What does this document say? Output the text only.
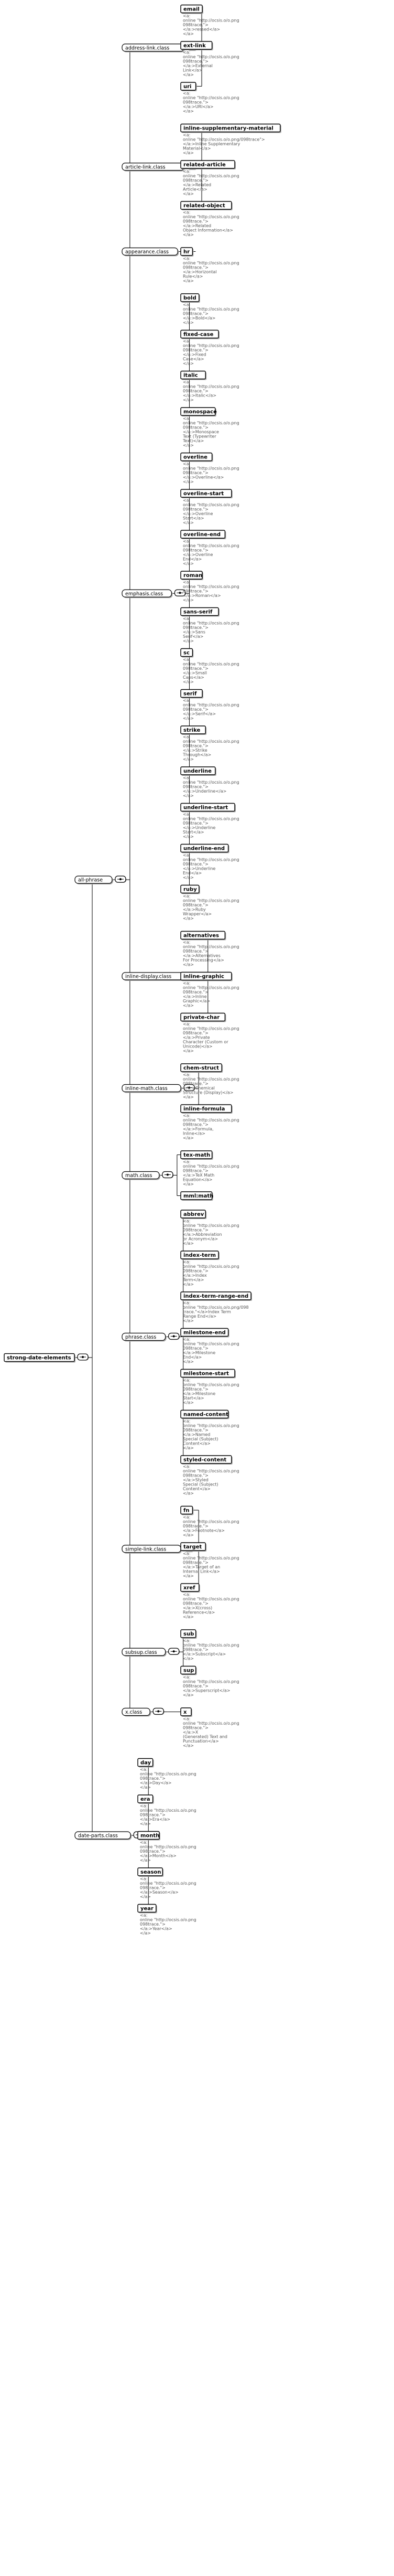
strong-date-elements
all-phrase
address-link.class
email
<a:
online "http://ocsis.o/o.png
098trace.">
</a:>ressed</a>
</a>
ext-link
<a:
online "http://ocsis.o/o.png
098trace.">
</a:>External
Link</a>
</a>
uri
<a:
online "http://ocsis.o/o.png
098trace.">
</a:>URI</a>
</a>
article-link.class
inline-supplementary-material
<a:
online "http://ocsis.o/o.png/098trace">
</a:>Inline Supplementary
Material</a>
</a>
related-article
<a:
online "http://ocsis.o/o.png
098trace.">
</a:>Related
Article</a>
</a>
related-object
<a:
online "http://ocsis.o/o.png
098trace.">
</a:>Related
Object Information</a>
</a>
appearance.class	hr
<a:
online "http://ocsis.o/o.png
098trace.">
</a:>Horizontal
Rule</a>
</a>
emphasis.class
bold
<a:
online "http://ocsis.o/o.png
098trace.">
</a:>Bold</a>
</a>
fixed-case
<a:
online "http://ocsis.o/o.png
098trace.">
</a:>Fixed
Case</a>
</a>
italic
<a:
online "http://ocsis.o/o.png
098trace.">
</a:>Italic</a>
</a>
monospace
<a:
online "http://ocsis.o/o.png
098trace.">
</a:>Monospace
Text (Typewriter
Text)</a>
</a>
overline
<a:
online "http://ocsis.o/o.png
098trace.">
</a:>Overline</a>
</a>
overline-start
<a:
online "http://ocsis.o/o.png
098trace.">
</a:>Overline
Start</a>
</a>
overline-end
<a:
online "http://ocsis.o/o.png
098trace.">
</a:>Overline
End</a>
</a>
roman
<a:
online "http://ocsis.o/o.png
098trace.">
</a:>Roman</a>
</a>
sans-serif
<a:
online "http://ocsis.o/o.png
098trace.">
</a:>Sans
Serif</a>
</a>
sc
<a:
online "http://ocsis.o/o.png
098trace.">
</a:>Small
Caps</a>
</a>
serif
<a:
online "http://ocsis.o/o.png
098trace.">
</a:>Serif</a>
</a>
strike
<a:
online "http://ocsis.o/o.png
098trace.">
</a:>Strike
Through</a>
</a>
underline
<a:
online "http://ocsis.o/o.png
098trace.">
</a:>Underline</a>
</a>
underline-start
<a:
online "http://ocsis.o/o.png
098trace.">
</a:>Underline
Start</a>
</a>
underline-end
<a:
online "http://ocsis.o/o.png
098trace.">
</a:>Underline
End</a>
</a>
ruby
<a:
online "http://ocsis.o/o.png
098trace.">
</a:>Ruby
Wrapper</a>
</a>
inline-display.class
alternatives
<a:
online "http://ocsis.o/o.png
098trace.">
</a:>Alternatives
For Processing</a>
</a>
inline-graphic
<a:
online "http://ocsis.o/o.png
098trace.">
</a:>Inline
Graphic</a>
</a>
private-char
<a:
online "http://ocsis.o/o.png
098trace.">
</a:>Private
Character (Custom or
Unicode)</a>
</a>
inline-math.class
chem-struct
<a:
online "http://ocsis.o/o.png
098trace.">
</a:>Chemical
Structure (Display)</a>
</a>
inline-formula
<a:
online "http://ocsis.o/o.png
098trace.">
</a:>Formula,
Inline</a>
</a>
math.class
tex-math
<a:
online "http://ocsis.o/o.png
098trace.">
</a:>TeX Math
Equation</a>
</a>
mml:math
phrase.class
abbrev
<a:
online "http://ocsis.o/o.png
098trace.">
</a:>Abbreviation
or Acronym</a>
</a>
index-term
<a:
online "http://ocsis.o/o.png
098trace.">
</a:>Index
Term</a>
</a>
index-term-range-end
<a:
online "http://ocsis.o/o.png/098
trace."</a>Index Term
Range End</a>
</a>
milestone-end
<a:
online "http://ocsis.o/o.png
098trace.">
</a:>Milestone
End</a>
</a>
milestone-start
<a:
online "http://ocsis.o/o.png
098trace.">
</a:>Milestone
Start</a>
</a>
named-content
<a:
online "http://ocsis.o/o.png
098trace.">
</a:>Named
Special (Subject)
Content</a>
</a>
styled-content
<a:
online "http://ocsis.o/o.png
098trace.">
</a:>Styled
Special (Subject)
Content</a>
</a>
simple-link.class
fn
<a:
online "http://ocsis.o/o.png
098trace.">
</a:>Footnote</a>
</a>
target
<a:
online "http://ocsis.o/o.png
098trace.">
</a:>Target of an
Internal Link</a>
</a>
xref
<a:
online "http://ocsis.o/o.png
098trace.">
</a:>X(cross)
Reference</a>
</a>
subsup.class
sub
<a:
online "http://ocsis.o/o.png
098trace.">
</a:>Subscript</a>
</a>
sup
<a:
online "http://ocsis.o/o.png
098trace.">
</a:>Superscript</a>
</a>
x.class	x
<a:
online "http://ocsis.o/o.png
098trace.">
</a:>X
(Generated) Text and
Punctuation</a>
</a>
date-parts.class
day
<a:
online "http://ocsis.o/o.png
098trace.">
</a:>Day</a>
</a>
era
<a:
online "http://ocsis.o/o.png
098trace.">
</a:>Era</a>
</a>
month
<a:
online "http://ocsis.o/o.png
098trace.">
</a:>Month</a>
</a>
season
<a:
online "http://ocsis.o/o.png
098trace.">
</a:>Season</a>
</a>
year
<a:
online "http://ocsis.o/o.png
098trace.">
</a:>Year</a>
</a>
